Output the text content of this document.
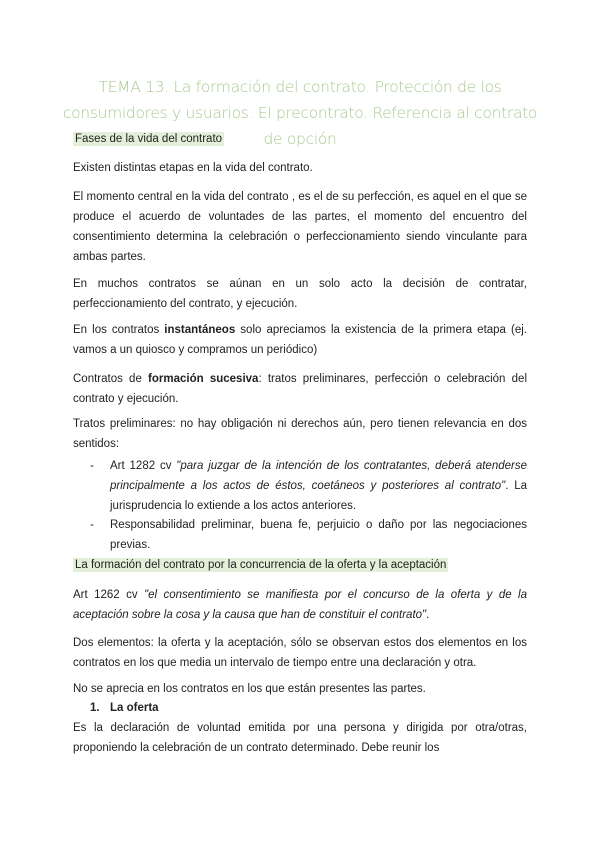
TEMA 13. La formación del contrato. Protección de los consumidores y usuarios. El precontrato. Referencia al contrato de opción
Fases de la vida del contrato
Existen distintas etapas en la vida del contrato.
El momento central en la vida del contrato , es el de su perfección, es aquel en el que se produce el acuerdo de voluntades de las partes, el momento del encuentro del consentimiento determina la celebración o perfeccionamiento siendo vinculante para ambas partes.
En muchos contratos se aúnan en un solo acto la decisión de contratar, perfeccionamiento del contrato, y ejecución.
En los contratos instantáneos solo apreciamos la existencia de la primera etapa (ej. vamos a un quiosco y compramos un periódico)
Contratos de formación sucesiva: tratos preliminares, perfección o celebración del contrato y ejecución.
Tratos preliminares: no hay obligación ni derechos aún, pero tienen relevancia en dos sentidos:
- Art 1282 cv "para juzgar de la intención de los contratantes, deberá atenderse principalmente a los actos de éstos, coetáneos y posteriores al contrato". La jurisprudencia lo extiende a los actos anteriores.
- Responsabilidad preliminar, buena fe, perjuicio o daño por las negociaciones previas.
La formación del contrato por la concurrencia de la oferta y la aceptación
Art 1262 cv "el consentimiento se manifiesta por el concurso de la oferta y de la aceptación sobre la cosa y la causa que han de constituir el contrato".
Dos elementos: la oferta y la aceptación, sólo se observan estos dos elementos en los contratos en los que media un intervalo de tiempo entre una declaración y otra.
No se aprecia en los contratos en los que están presentes las partes.
1. La oferta
Es la declaración de voluntad emitida por una persona y dirigida por otra/otras, proponiendo la celebración de un contrato determinado. Debe reunir los
